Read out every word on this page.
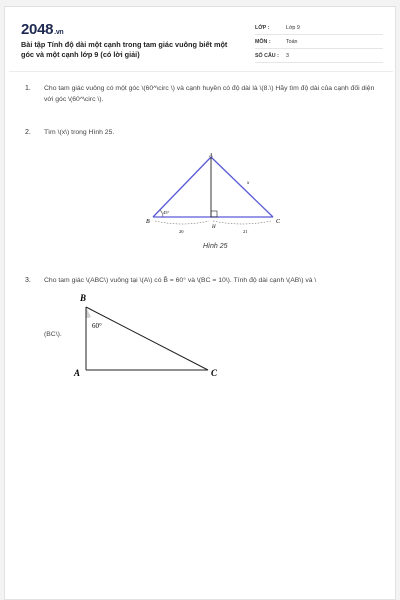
2048.vn
Bài tập Tính độ dài một cạnh trong tam giác vuông biết một góc và một cạnh lớp 9 (có lời giải)
LỚP :	Lớp 9
MÔN :	Toán
SỐ CÂU : 3
1. Cho tam giác vuông có một góc \(60^\circ \) và cạnh huyền có độ dài là \(8.\) Hãy tìm độ dài của cạnh đối diện với góc \(60^\circ \).
2. Tìm \(x\) trong Hình 25.
A
B	C
H
x
45°
20	21
Hình 25
3. Cho tam giác \(ABC\) vuông tại \(A\) có B̂ = 60° và \(BC = 10\). Tính độ dài cạnh \(AB\) và \
(BC\).
B
A	C
60°
